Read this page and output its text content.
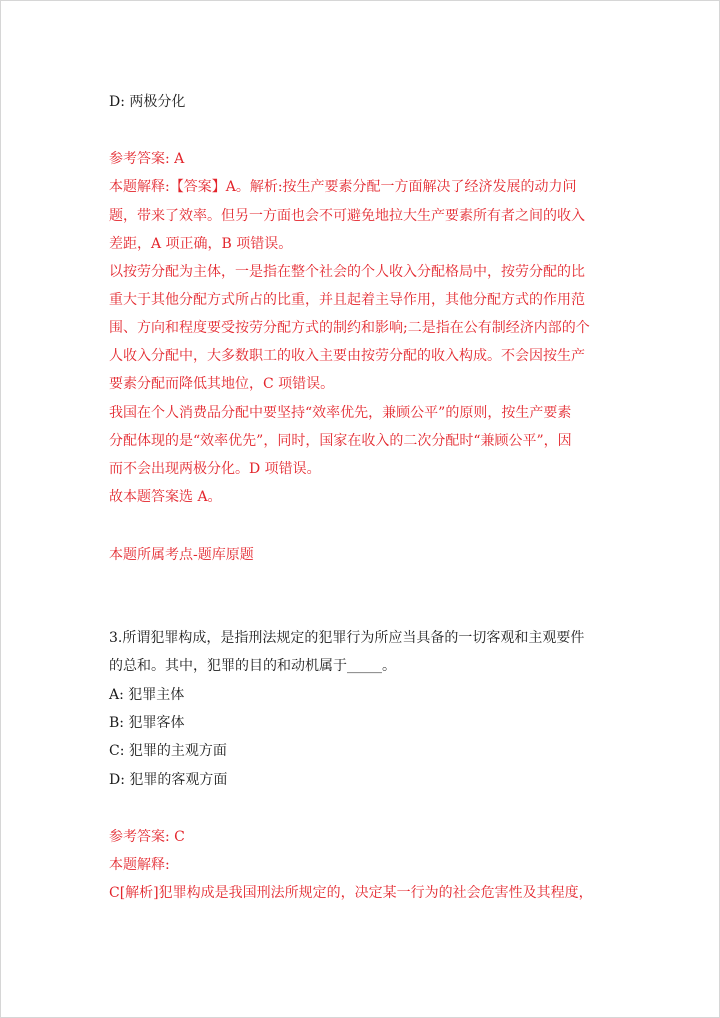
D: 两极分化
参考答案: A
本题解释:【答案】A。解析:按生产要素分配一方面解决了经济发展的动力问
题，带来了效率。但另一方面也会不可避免地拉大生产要素所有者之间的收入
差距，A 项正确，B 项错误。
以按劳分配为主体，一是指在整个社会的个人收入分配格局中，按劳分配的比
重大于其他分配方式所占的比重，并且起着主导作用，其他分配方式的作用范
围、方向和程度要受按劳分配方式的制约和影响;二是指在公有制经济内部的个
人收入分配中，大多数职工的收入主要由按劳分配的收入构成。不会因按生产
要素分配而降低其地位，C 项错误。
我国在个人消费品分配中要坚持“效率优先，兼顾公平”的原则，按生产要素
分配体现的是“效率优先”，同时，国家在收入的二次分配时“兼顾公平”，因
而不会出现两极分化。D 项错误。
故本题答案选 A。
本题所属考点-题库原题
3.所谓犯罪构成，是指刑法规定的犯罪行为所应当具备的一切客观和主观要件
的总和。其中，犯罪的目的和动机属于_____。
A: 犯罪主体
B: 犯罪客体
C: 犯罪的主观方面
D: 犯罪的客观方面
参考答案: C
本题解释:
C[解析]犯罪构成是我国刑法所规定的，决定某一行为的社会危害性及其程度，
